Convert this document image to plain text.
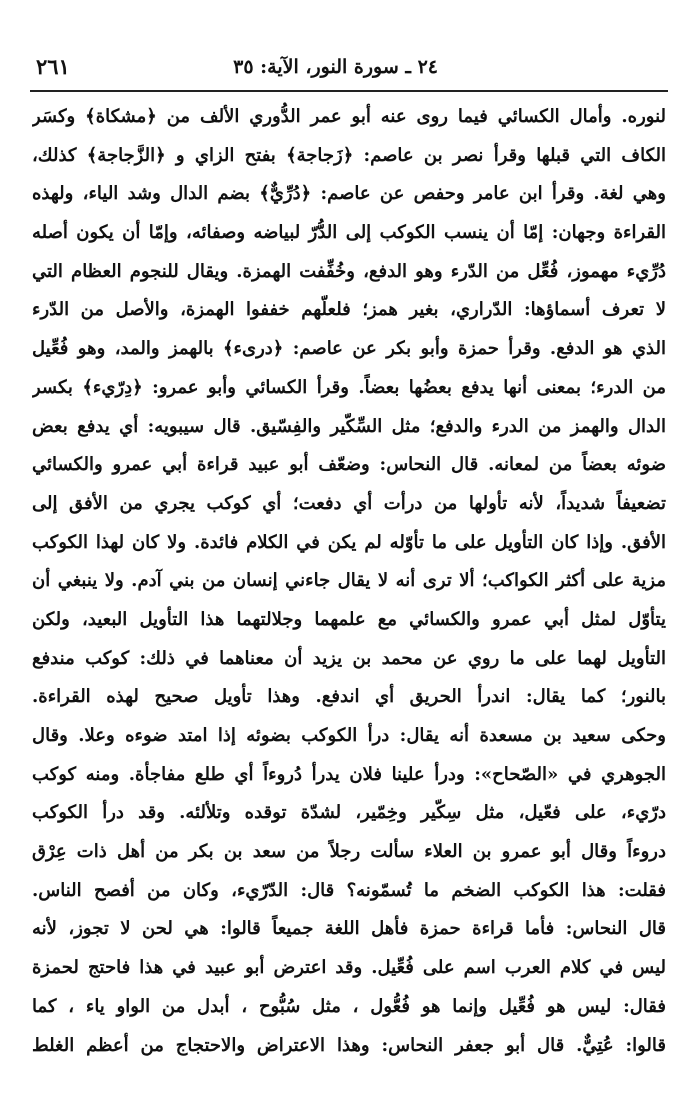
٢٤ ـ سورة النور، الآية: ٣٥
٢٦١
لنوره. وأمال الكسائي فيما روى عنه أبو عمر الدُّوري الألف من ﴿مشكاة﴾ وكسَر
الكاف التي قبلها وقرأ نصر بن عاصم: ﴿زَجاجة﴾ بفتح الزاي و ﴿الزَّجاجة﴾ كذلك،
وهي لغة. وقرأ ابن عامر وحفص عن عاصم: ﴿دُرِّيٌّ﴾ بضم الدال وشد الياء، ولهذه
القراءة وجهان: إمّا أن ينسب الكوكب إلى الدُّرّ لبياضه وصفائه، وإمّا أن يكون أصله
دُرِّيء مهموز، فُعِّل من الدّرء وهو الدفع، وخُفِّفت الهمزة. ويقال للنجوم العظام التي
لا تعرف أسماؤها: الدّراري، بغير همز؛ فلعلّهم خففوا الهمزة، والأصل من الدّرء
الذي هو الدفع. وقرأ حمزة وأبو بكر عن عاصم: ﴿درىء﴾ بالهمز والمد، وهو فُعِّيل
من الدرء؛ بمعنى أنها يدفع بعضُها بعضاً. وقرأ الكسائي وأبو عمرو: ﴿دِرّيء﴾ بكسر
الدال والهمز من الدرء والدفع؛ مثل السِّكّير والفِسّيق. قال سيبويه: أي يدفع بعض
ضوئه بعضاً من لمعانه. قال النحاس: وضعّف أبو عبيد قراءة أبي عمرو والكسائي
تضعيفاً شديداً، لأنه تأولها من درأت أي دفعت؛ أي كوكب يجري من الأفق إلى
الأفق. وإذا كان التأويل على ما تأوّله لم يكن في الكلام فائدة. ولا كان لهذا الكوكب
مزية على أكثر الكواكب؛ ألا ترى أنه لا يقال جاءني إنسان من بني آدم. ولا ينبغي أن
يتأوّل لمثل أبي عمرو والكسائي مع علمهما وجلالتهما هذا التأويل البعيد، ولكن
التأويل لهما على ما روي عن محمد بن يزيد أن معناهما في ذلك: كوكب مندفع
بالنور؛ كما يقال: اندرأ الحريق أي اندفع. وهذا تأويل صحيح لهذه القراءة.
وحكى سعيد بن مسعدة أنه يقال: درأ الكوكب بضوئه إذا امتد ضوءه وعلا. وقال
الجوهري في «الصّحاح»: ودرأ علينا فلان يدرأ دُروءاً أي طلع مفاجأة. ومنه كوكب
درّيء، على فعّيل، مثل سِكّير وخِمّير، لشدّة توقده وتلألئه. وقد درأ الكوكب
دروءاً وقال أبو عمرو بن العلاء سألت رجلاً من سعد بن بكر من أهل ذات عِرْق
فقلت: هذا الكوكب الضخم ما تُسمّونه؟ قال: الدّرّيء، وكان من أفصح الناس.
قال النحاس: فأما قراءة حمزة فأهل اللغة جميعاً قالوا: هي لحن لا تجوز، لأنه
ليس في كلام العرب اسم على فُعِّيل. وقد اعترض أبو عبيد في هذا فاحتج لحمزة
فقال: ليس هو فُعِّيل وإنما هو فُعُّول ، مثل سُبُّوح ، أبدل من الواو ياء ، كما
قالوا: عُتِيٌّ. قال أبو جعفر النحاس: وهذا الاعتراض والاحتجاج من أعظم الغلط
